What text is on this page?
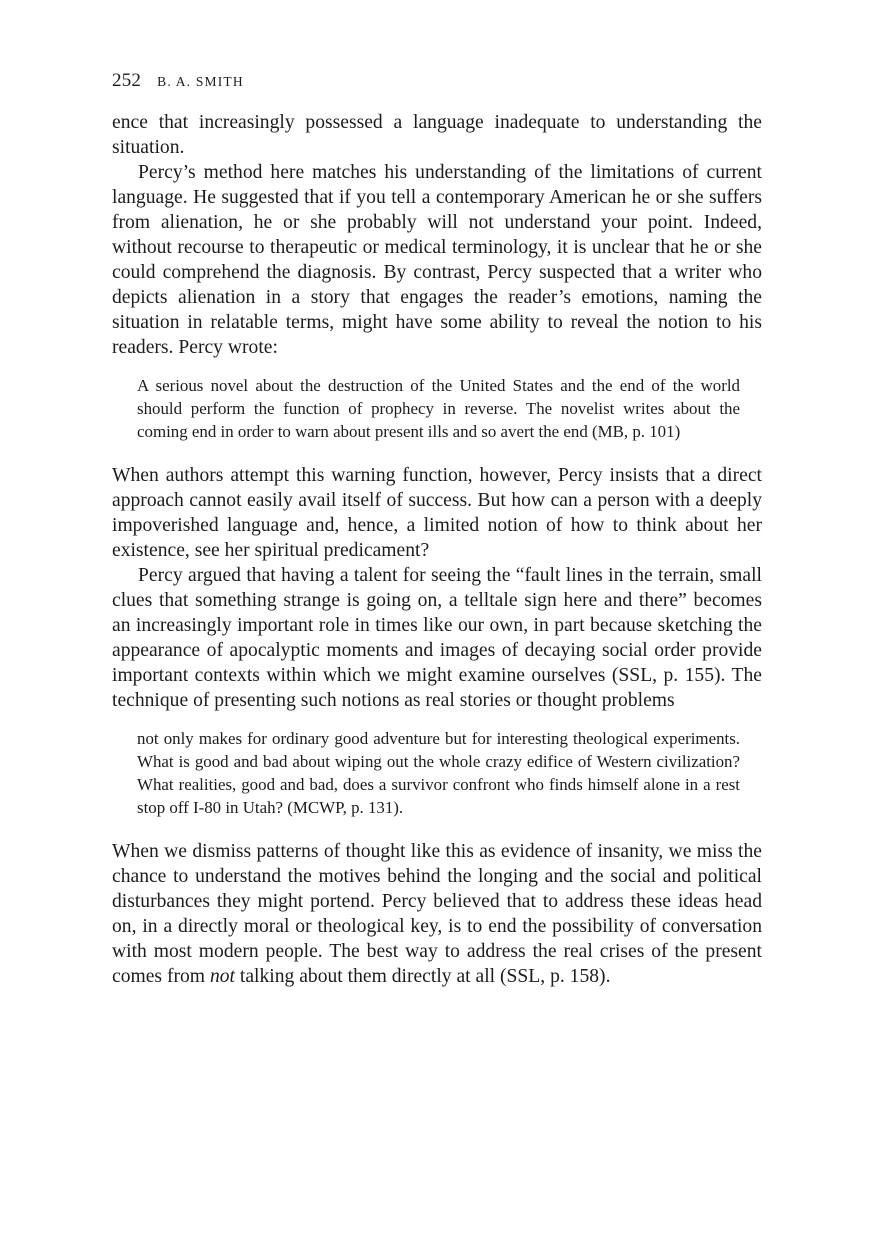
252 B. A. SMITH

ence that increasingly possessed a language inadequate to understanding the situation.

Percy’s method here matches his understanding of the limitations of current language. He suggested that if you tell a contemporary American he or she suffers from alienation, he or she probably will not understand your point. Indeed, without recourse to therapeutic or medical terminology, it is unclear that he or she could comprehend the diagnosis. By contrast, Percy suspected that a writer who depicts alienation in a story that engages the reader’s emotions, naming the situation in relatable terms, might have some ability to reveal the notion to his readers. Percy wrote:

A serious novel about the destruction of the United States and the end of the world should perform the function of prophecy in reverse. The novelist writes about the coming end in order to warn about present ills and so avert the end (MB, p. 101)

When authors attempt this warning function, however, Percy insists that a direct approach cannot easily avail itself of success. But how can a person with a deeply impoverished language and, hence, a limited notion of how to think about her existence, see her spiritual predicament?

Percy argued that having a talent for seeing the “fault lines in the terrain, small clues that something strange is going on, a telltale sign here and there” becomes an increasingly important role in times like our own, in part because sketching the appearance of apocalyptic moments and images of decaying social order provide important contexts within which we might examine ourselves (SSL, p. 155). The technique of presenting such notions as real stories or thought problems

not only makes for ordinary good adventure but for interesting theological experiments. What is good and bad about wiping out the whole crazy edifice of Western civilization? What realities, good and bad, does a survivor confront who finds himself alone in a rest stop off I-80 in Utah? (MCWP, p. 131).

When we dismiss patterns of thought like this as evidence of insanity, we miss the chance to understand the motives behind the longing and the social and political disturbances they might portend. Percy believed that to address these ideas head on, in a directly moral or theological key, is to end the possibility of conversation with most modern people. The best way to address the real crises of the present comes from not talking about them directly at all (SSL, p. 158).
